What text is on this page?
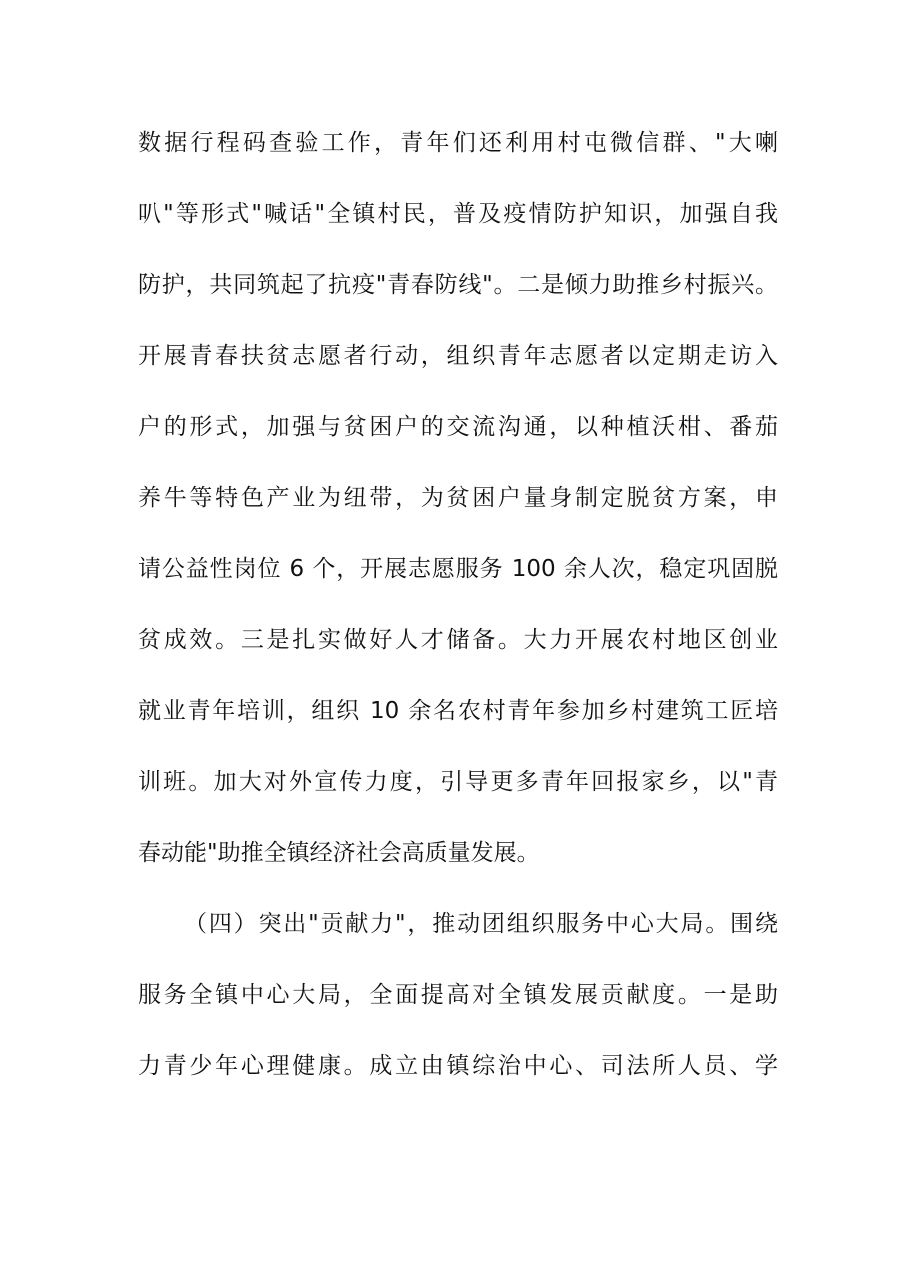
数据行程码查验工作，青年们还利用村屯微信群、"大喇
叭"等形式"喊话"全镇村民，普及疫情防护知识，加强自我
防护，共同筑起了抗疫"青春防线"。二是倾力助推乡村振兴。
开展青春扶贫志愿者行动，组织青年志愿者以定期走访入
户的形式，加强与贫困户的交流沟通，以种植沃柑、番茄
养牛等特色产业为纽带，为贫困户量身制定脱贫方案，申
请公益性岗位 6 个，开展志愿服务 100 余人次，稳定巩固脱
贫成效。三是扎实做好人才储备。大力开展农村地区创业
就业青年培训，组织 10 余名农村青年参加乡村建筑工匠培
训班。加大对外宣传力度，引导更多青年回报家乡，以"青
春动能"助推全镇经济社会高质量发展。
（四）突出"贡献力"，推动团组织服务中心大局。围绕
服务全镇中心大局，全面提高对全镇发展贡献度。一是助
力青少年心理健康。成立由镇综治中心、司法所人员、学
